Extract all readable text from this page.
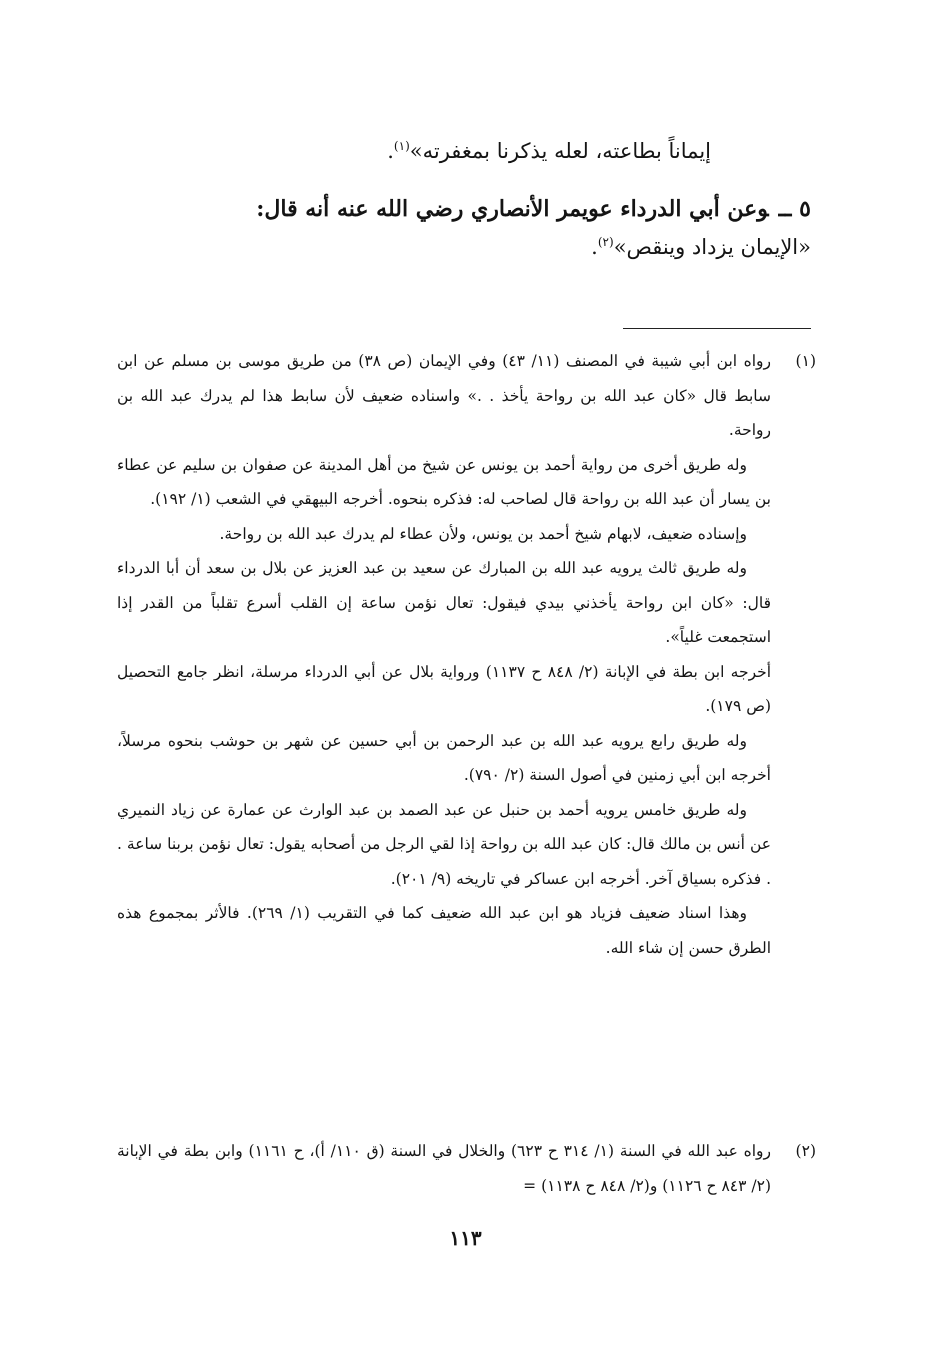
إيماناً بطاعته، لعله يذكرنا بمغفرته»$^{(١)}$.
٥ ــوعن أبي الدرداء عويمر الأنصاري رضي الله عنه أنه قال:
«الإيمان يزداد وينقص»$^{(٢)}$.

رواه ابن أبي شيبة في المصنف (١١/ ٤٣) وفي الإيمان (ص ٣٨) من طريق موسى بن مسلم عن ابن سابط قال «كان عبد الله بن رواحة يأخذ . .» واسناده ضعيف لأن سابط هذا لم يدرك عبد الله بن رواحة.

وله طريق أخرى من رواية أحمد بن يونس عن شيخ من أهل المدينة عن صفوان بن سليم عن عطاء بن يسار أن عبد الله بن رواحة قال لصاحب له: فذكره بنحوه. أخرجه البيهقي في الشعب (١/ ١٩٢).

وإسناده ضعيف، لابهام شيخ أحمد بن يونس، ولأن عطاء لم يدرك عبد الله بن رواحة.

وله طريق ثالث يرويه عبد الله بن المبارك عن سعيد بن عبد العزيز عن بلال بن سعد أن أبا الدرداء قال: «كان ابن رواحة يأخذني بيدي فيقول: تعال نؤمن ساعة إن القلب أسرع تقلباً من القدر إذا استجمعت غلياً».

أخرجه ابن بطة في الإبانة (٢/ ٨٤٨ ح ١١٣٧) ورواية بلال عن أبي الدرداء مرسلة، انظر جامع التحصيل (ص ١٧٩).

وله طريق رابع يرويه عبد الله بن عبد الرحمن بن أبي حسين عن شهر بن حوشب بنحوه مرسلاً، أخرجه ابن أبي زمنين في أصول السنة (٢/ ٧٩٠).

وله طريق خامس يرويه أحمد بن حنبل عن عبد الصمد بن عبد الوارث عن عمارة عن زياد النميري عن أنس بن مالك قال: كان عبد الله بن رواحة إذا لقي الرجل من أصحابه يقول: تعال نؤمن بربنا ساعة . . فذكره بسياق آخر. أخرجه ابن عساكر في تاريخه (٩/ ٢٠١).

وهذا اسناد ضعيف فزياد هو ابن عبد الله ضعيف كما في التقريب (١/ ٢٦٩). فالأثر بمجموع هذه الطرق حسن إن شاء الله.

(١)

رواه عبد الله في السنة (١/ ٣١٤ ح ٦٢٣) والخلال في السنة (ق ١١٠/ أ)، ح ١١٦١) وابن بطة في الإبانة (٢/ ٨٤٣ ح ١١٢٦) و(٢/ ٨٤٨ ح ١١٣٨) =

(٢)
١١٣
